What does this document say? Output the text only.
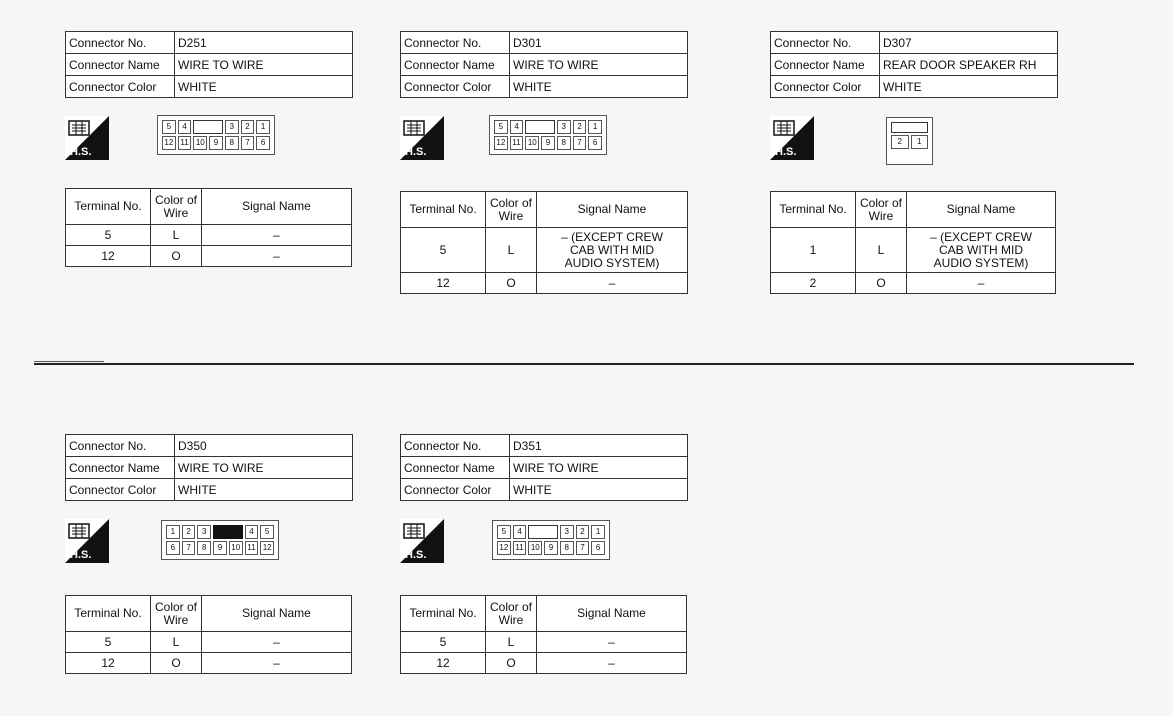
Connector No.	D251
Connector Name	WIRE TO WIRE
Connector Color	WHITE
H.S.
5	4	3	2	1
12 11 10	9	8	7	6
Terminal No.	Color of Wire	Signal Name
5	L	–
12	O	–
Connector No.	D301
Connector Name	WIRE TO WIRE
Connector Color	WHITE
H.S.
5	4	3	2	1
12 11 10	9	8	7	6
Terminal No.	Color of Wire	Signal Name
5	L	– (EXCEPT CREW CAB WITH MID AUDIO SYSTEM)
12	O	–
Connector No.	D307
Connector Name	REAR DOOR SPEAKER RH
Connector Color	WHITE
H.S.
2	1
Terminal No.	Color of Wire	Signal Name
1	L	– (EXCEPT CREW CAB WITH MID AUDIO SYSTEM)
2	O	–
Connector No.	D350
Connector Name	WIRE TO WIRE
Connector Color	WHITE
H.S.
1	2	3	4	5
6	7	8	9	10 11 12
Terminal No.	Color of Wire	Signal Name
5	L	–
12	O	–
Connector No.	D351
Connector Name	WIRE TO WIRE
Connector Color	WHITE
H.S.
5	4	3	2	1
12 11 10	9	8	7	6
Terminal No.	Color of Wire	Signal Name
5	L	–
12	O	–
